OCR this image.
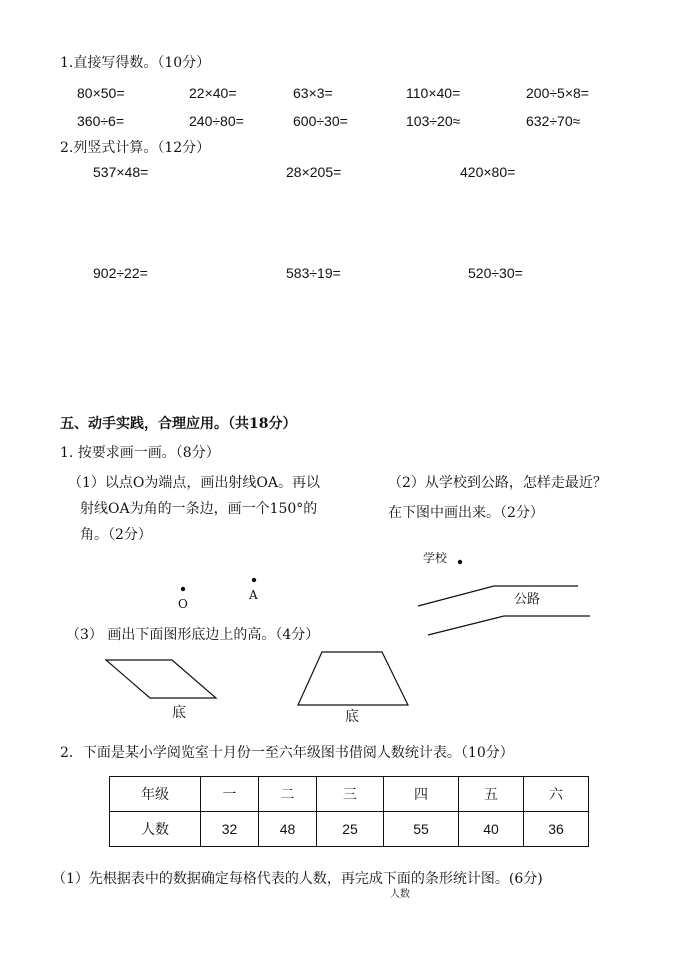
1.直接写得数。（10分）
80×50=	22×40=	63×3=	110×40=	200÷5×8=
360÷6=	240÷80=	600÷30=	103÷20≈	632÷70≈
2.列竖式计算。（12分）
537×48=	28×205=	420×80=
902÷22=	583÷19=	520÷30=
五、动手实践，合理应用。（共18分）
1. 按要求画一画。（8分）
（1）以点O为端点，画出射线OA。再以
射线OA为角的一条边，画一个150°的
角。（2分）
（2）从学校到公路，怎样走最近？
在下图中画出来。（2分）
O
A
学校
公路
（3） 画出下面图形底边上的高。（4分）
底	底
2．下面是某小学阅览室十月份一至六年级图书借阅人数统计表。（10分）
年级	一	二	三	四	五	六
人数	32	48	25	55	40	36
（1）先根据表中的数据确定每格代表的人数，再完成下面的条形统计图。(6分)
人数
